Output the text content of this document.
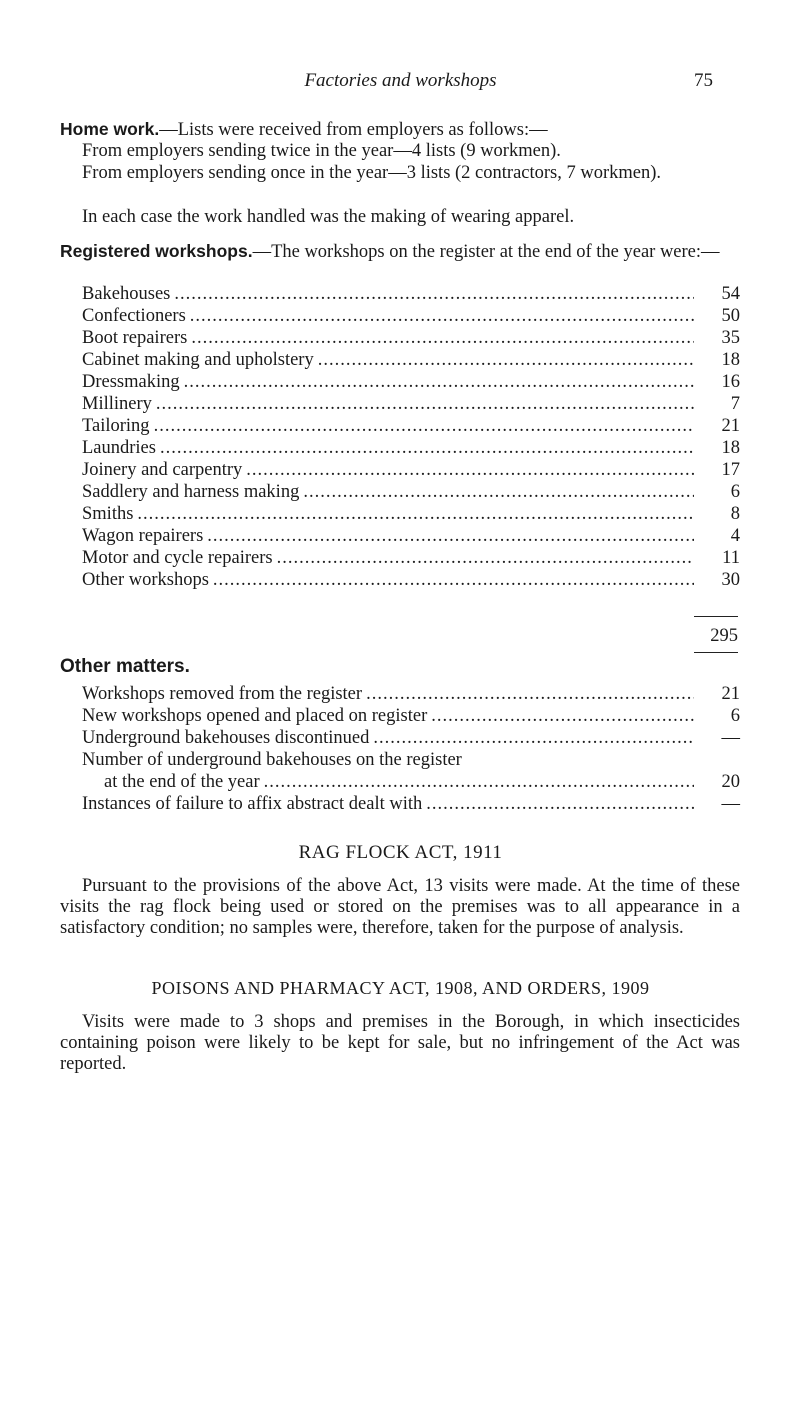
Factories and workshops	75

Home work.—Lists were received from employers as follows:—

From employers sending twice in the year—4 lists (9 workmen).

From employers sending once in the year—3 lists (2 contractors, 7 workmen).

In each case the work handled was the making of wearing apparel.

Registered workshops.—The workshops on the register at the end of the year were:—

Bakehouses .....	54
Confectioners .....	50
Boot repairers .....	35
Cabinet making and upholstery .....	18
Dressmaking .....	16
Millinery .....	7
Tailoring .....	21
Laundries .....	18
Joinery and carpentry .....	17
Saddlery and harness making .....	6
Smiths .....	8
Wagon repairers .....	4
Motor and cycle repairers .....	11
Other workshops .....	30
295
Other matters.
Workshops removed from the register .....	21
New workshops opened and placed on register .....	6
Underground bakehouses discontinued .....	—
Number of underground bakehouses on the register
at the end of the year .....	20
Instances of failure to affix abstract dealt with .....	—
RAG FLOCK ACT, 1911

Pursuant to the provisions of the above Act, 13 visits were made. At the time of these visits the rag flock being used or stored on the premises was to all appearance in a satisfactory condition; no samples were, therefore, taken for the purpose of analysis.

POISONS AND PHARMACY ACT, 1908, AND ORDERS, 1909

Visits were made to 3 shops and premises in the Borough, in which insecticides containing poison were likely to be kept for sale, but no infringement of the Act was reported.
